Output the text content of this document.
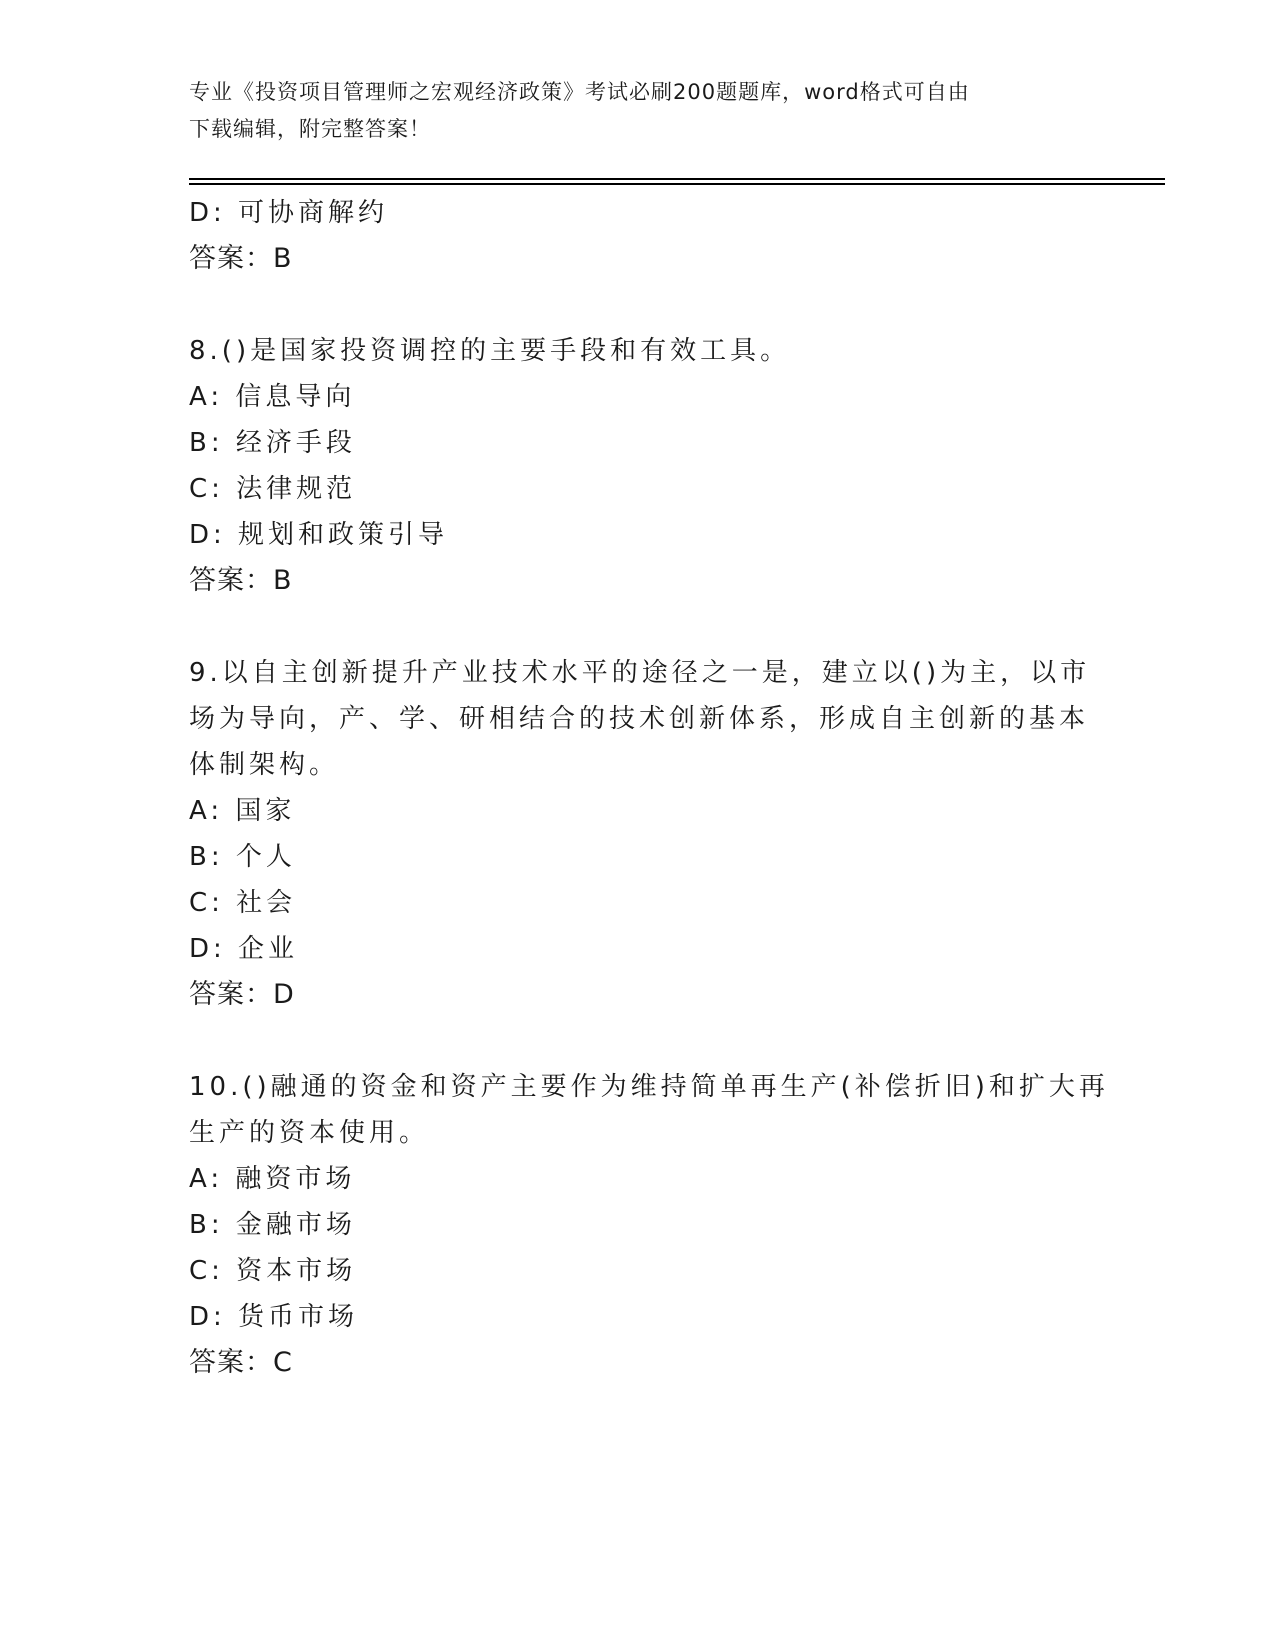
专业《投资项目管理师之宏观经济政策》考试必刷200题题库，word格式可自由
下载编辑，附完整答案！

D: 可协商解约

答案：B

8.()是国家投资调控的主要手段和有效工具。

A: 信息导向

B: 经济手段

C: 法律规范

D: 规划和政策引导

答案：B

9.以自主创新提升产业技术水平的途径之一是，建立以()为主，以市

场为导向，产、学、研相结合的技术创新体系，形成自主创新的基本

体制架构。

A: 国家

B: 个人

C: 社会

D: 企业

答案：D

10.()融通的资金和资产主要作为维持简单再生产(补偿折旧)和扩大再

生产的资本使用。

A: 融资市场

B: 金融市场

C: 资本市场

D: 货币市场

答案：C
